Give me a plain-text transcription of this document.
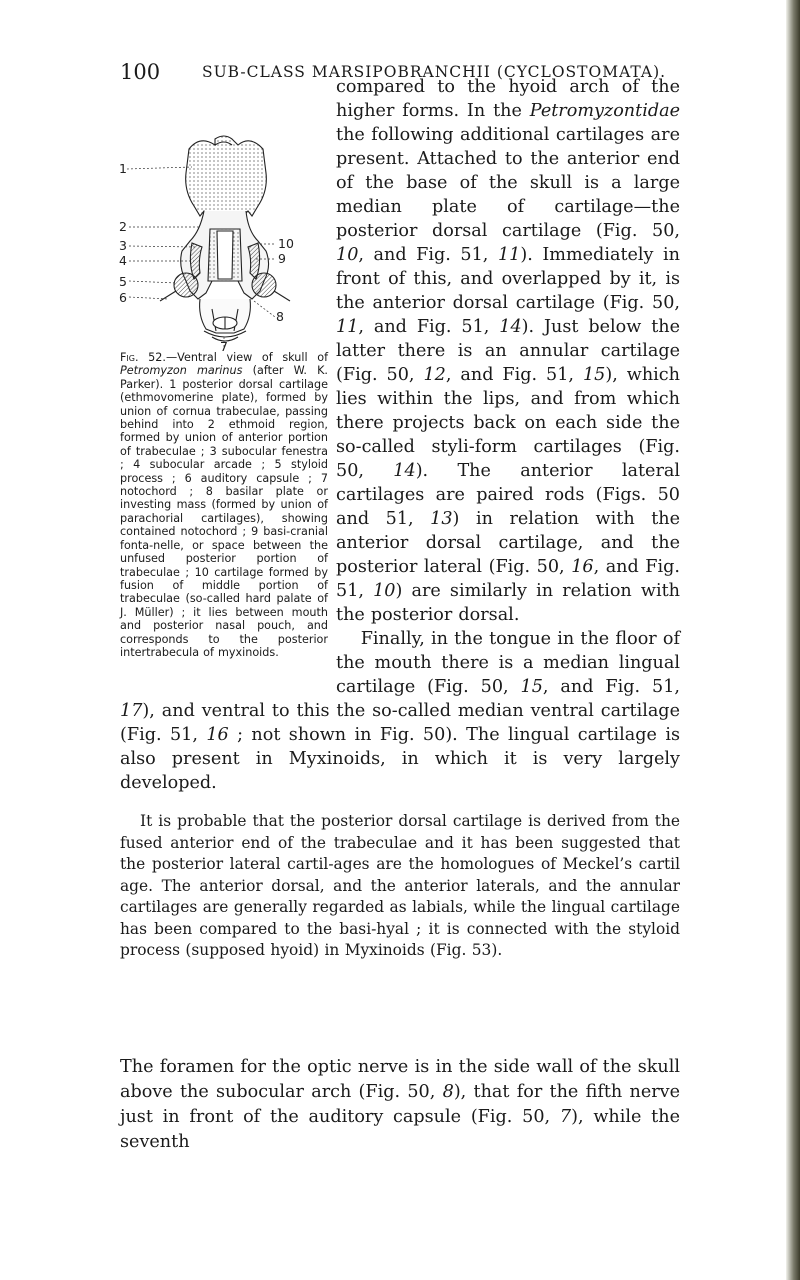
100	SUB-CLASS MARSIPOBRANCHII (CYCLOSTOMATA).
1
2
3
4
5
6
7
8
9
10
Fig. 52.—Ventral view of skull of Petromyzon marinus (after W. K. Parker). 1 posterior dorsal cartilage (ethmovomerine plate), formed by union of cornua trabeculae, passing behind into 2 ethmoid region, formed by union of anterior portion of trabeculae ; 3 subocular fenestra ; 4 subocular arcade ; 5 styloid process ; 6 auditory capsule ; 7 notochord ; 8 basilar plate or investing mass (formed by union of parachorial cartilages), showing contained notochord ; 9 basi-cranial fonta-nelle, or space between the unfused posterior portion of trabeculae ; 10 cartilage formed by fusion of middle portion of trabeculae (so-called hard palate of J. Müller) ; it lies between mouth and posterior nasal pouch, and corresponds to the posterior intertrabecula of myxinoids.
compared to the hyoid arch of the higher forms. In the Petromyzontidae the following additional cartilages are present. Attached to the anterior end of the base of the skull is a large median plate of cartilage—the posterior dorsal cartilage (Fig. 50, 10, and Fig. 51, 11). Immediately in front of this, and overlapped by it, is the anterior dorsal cartilage (Fig. 50, 11, and Fig. 51, 14). Just below the latter there is an annular cartilage (Fig. 50, 12, and Fig. 51, 15), which lies within the lips, and from which there projects back on each side the so-called styli-form cartilages (Fig. 50, 14). The anterior lateral cartilages are paired rods (Figs. 50 and 51, 13) in relation with the anterior dorsal cartilage, and the posterior lateral (Fig. 50, 16, and Fig. 51, 10) are similarly in relation with the posterior dorsal.
Finally, in the tongue in the floor of the mouth there is a median lingual cartilage (Fig. 50, 15, and Fig. 51, 17), and ventral to this the so-called median ventral cartilage (Fig. 51, 16 ; not shown in Fig. 50). The lingual cartilage is also present in Myxinoids, in which it is very largely developed.
It is probable that the posterior dorsal cartilage is derived from the fused anterior end of the trabeculae and it has been suggested that the posterior lateral cartil-ages are the homologues of Meckel’s cartil age. The anterior dorsal, and the anterior laterals, and the annular cartilages are generally regarded as labials, while the lingual cartilage has been compared to the basi-hyal ; it is connected with the styloid process (supposed hyoid) in Myxinoids (Fig. 53).
The foramen for the optic nerve is in the side wall of the skull above the subocular arch (Fig. 50, 8), that for the fifth nerve just in front of the auditory capsule (Fig. 50, 7), while the seventh
